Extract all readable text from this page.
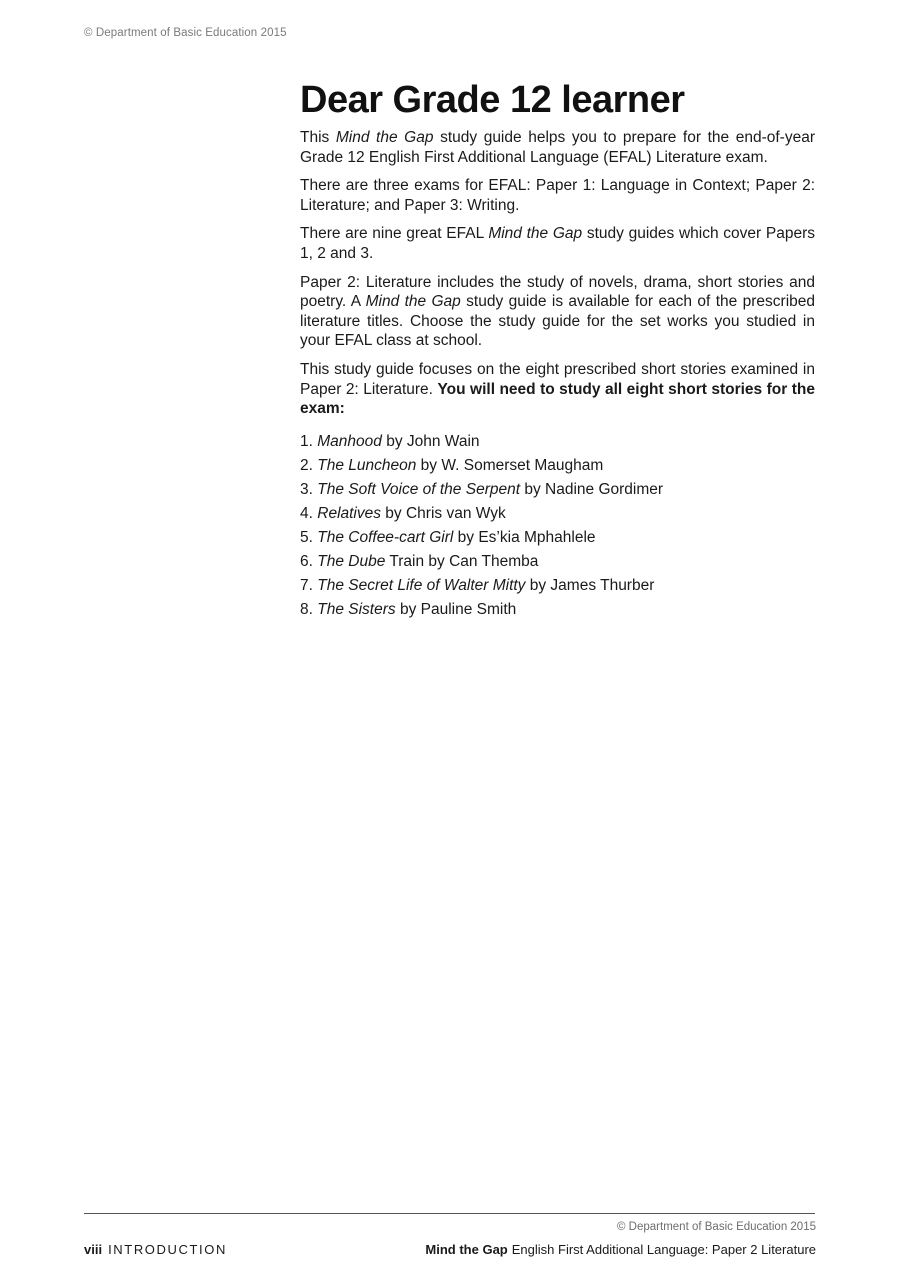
© Department of Basic Education 2015
Dear Grade 12 learner

This Mind the Gap study guide helps you to prepare for the end-of-year Grade 12 English First Additional Language (EFAL) Literature exam.

There are three exams for EFAL: Paper 1: Language in Context; Paper 2: Literature; and Paper 3: Writing.

There are nine great EFAL Mind the Gap study guides which cover Papers 1, 2 and 3.

Paper 2: Literature includes the study of novels, drama, short stories and poetry. A Mind the Gap study guide is available for each of the prescribed literature titles. Choose the study guide for the set works you studied in your EFAL class at school.

This study guide focuses on the eight prescribed short stories examined in Paper 2: Literature. You will need to study all eight short stories for the exam:

1. Manhood by John Wain
2. The Luncheon by W. Somerset Maugham
3. The Soft Voice of the Serpent by Nadine Gordimer
4. Relatives by Chris van Wyk
5. The Coffee-cart Girl by Es’kia Mphahlele
6. The Dube Train by Can Themba
7. The Secret Life of Walter Mitty by James Thurber
8. The Sisters by Pauline Smith
© Department of Basic Education 2015
viii INTRODUCTION	Mind the Gap English First Additional Language: Paper 2 Literature
